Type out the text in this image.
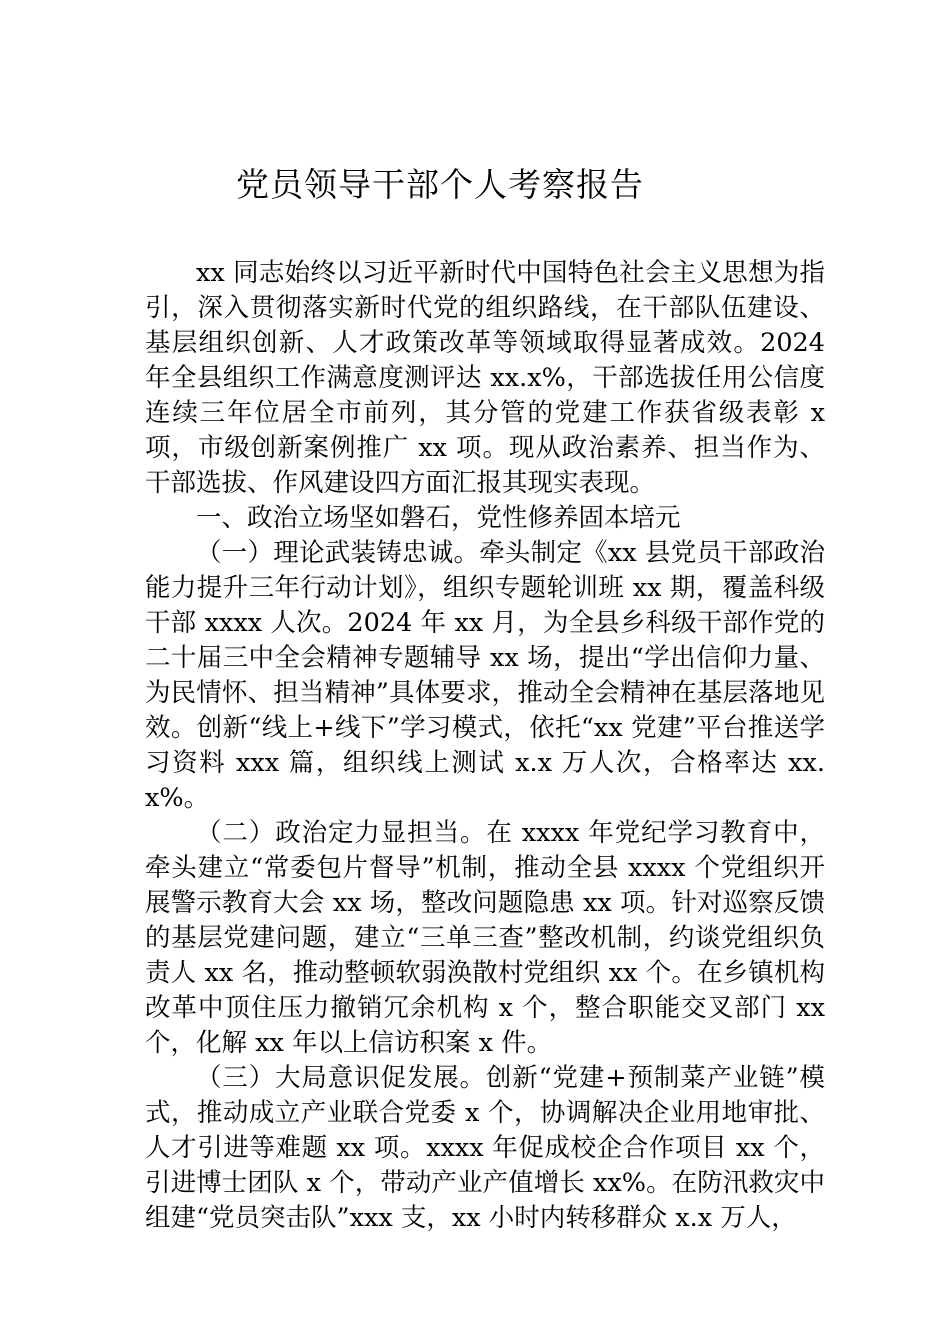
党员领导干部个人考察报告

xx 同志始终以习近平新时代中国特色社会主义思想为指引，深入贯彻落实新时代党的组织路线，在干部队伍建设、基层组织创新、人才政策改革等领域取得显著成效。2024 年全县组织工作满意度测评达 xx.x%，干部选拔任用公信度连续三年位居全市前列，其分管的党建工作获省级表彰 x 项，市级创新案例推广 xx 项。现从政治素养、担当作为、干部选拔、作风建设四方面汇报其现实表现。

一、政治立场坚如磐石，党性修养固本培元

（一）理论武装铸忠诚。牵头制定《xx 县党员干部政治能力提升三年行动计划》，组织专题轮训班 xx 期，覆盖科级干部 xxxx 人次。2024 年 xx 月，为全县乡科级干部作党的二十届三中全会精神专题辅导 xx 场，提出“学出信仰力量、为民情怀、担当精神”具体要求，推动全会精神在基层落地见效。创新“线上+线下”学习模式，依托“xx 党建”平台推送学习资料 xxx 篇，组织线上测试 x.x 万人次，合格率达 xx.x%。

（二）政治定力显担当。在 xxxx 年党纪学习教育中，牵头建立“常委包片督导”机制，推动全县 xxxx 个党组织开展警示教育大会 xx 场，整改问题隐患 xx 项。针对巡察反馈的基层党建问题，建立“三单三查”整改机制，约谈党组织负责人 xx 名，推动整顿软弱涣散村党组织 xx 个。在乡镇机构改革中顶住压力撤销冗余机构 x 个，整合职能交叉部门 xx 个，化解 xx 年以上信访积案 x 件。

（三）大局意识促发展。创新“党建+预制菜产业链”模式，推动成立产业联合党委 x 个，协调解决企业用地审批、人才引进等难题 xx 项。xxxx 年促成校企合作项目 xx 个，引进博士团队 x 个，带动产业产值增长 xx%。在防汛救灾中组建“党员突击队”xxx 支，xx 小时内转移群众 x.x 万人，
